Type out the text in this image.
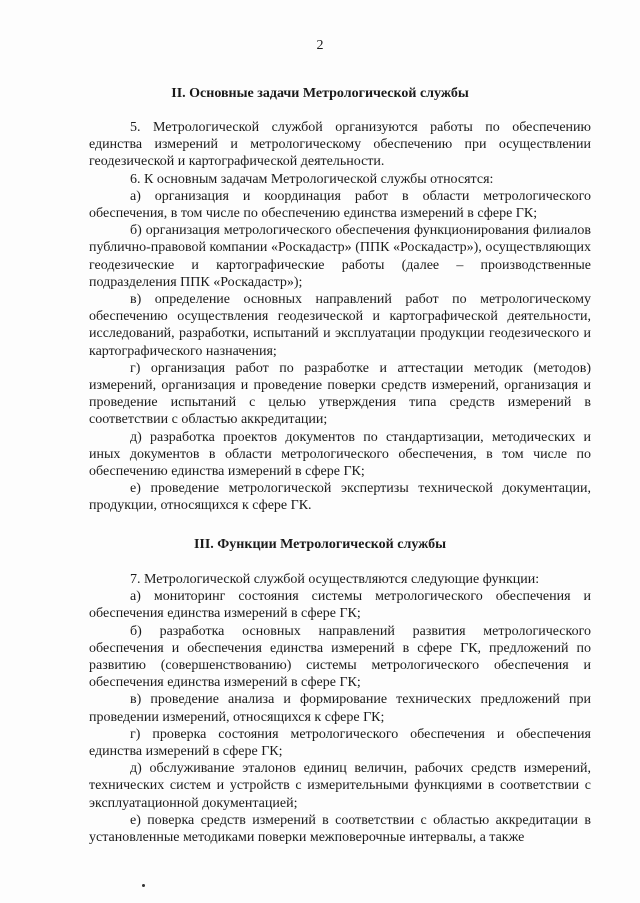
2
II. Основные задачи Метрологической службы

5. Метрологической службой организуются работы по обеспечению единства измерений и метрологическому обеспечению при осуществлении геодезической и картографической деятельности.

6. К основным задачам Метрологической службы относятся:

а) организация и координация работ в области метрологического обеспечения, в том числе по обеспечению единства измерений в сфере ГК;

б) организация метрологического обеспечения функционирования филиалов публично-правовой компании «Роскадастр» (ППК «Роскадастр»), осуществляющих геодезические и картографические работы (далее – производственные подразделения ППК «Роскадастр»);

в) определение основных направлений работ по метрологическому обеспечению осуществления геодезической и картографической деятельности, исследований, разработки, испытаний и эксплуатации продукции геодезического и картографического назначения;

г) организация работ по разработке и аттестации методик (методов) измерений, организация и проведение поверки средств измерений, организация и проведение испытаний с целью утверждения типа средств измерений в соответствии с областью аккредитации;

д) разработка проектов документов по стандартизации, методических и иных документов в области метрологического обеспечения, в том числе по обеспечению единства измерений в сфере ГК;

е) проведение метрологической экспертизы технической документации, продукции, относящихся к сфере ГК.

III. Функции Метрологической службы

7. Метрологической службой осуществляются следующие функции:

а) мониторинг состояния системы метрологического обеспечения и обеспечения единства измерений в сфере ГК;

б) разработка основных направлений развития метрологического обеспечения и обеспечения единства измерений в сфере ГК, предложений по развитию (совершенствованию) системы метрологического обеспечения и обеспечения единства измерений в сфере ГК;

в) проведение анализа и формирование технических предложений при проведении измерений, относящихся к сфере ГК;

г) проверка состояния метрологического обеспечения и обеспечения единства измерений в сфере ГК;

д) обслуживание эталонов единиц величин, рабочих средств измерений, технических систем и устройств с измерительными функциями в соответствии с эксплуатационной документацией;

е) поверка средств измерений в соответствии с областью аккредитации в установленные методиками поверки межповерочные интервалы, а также
